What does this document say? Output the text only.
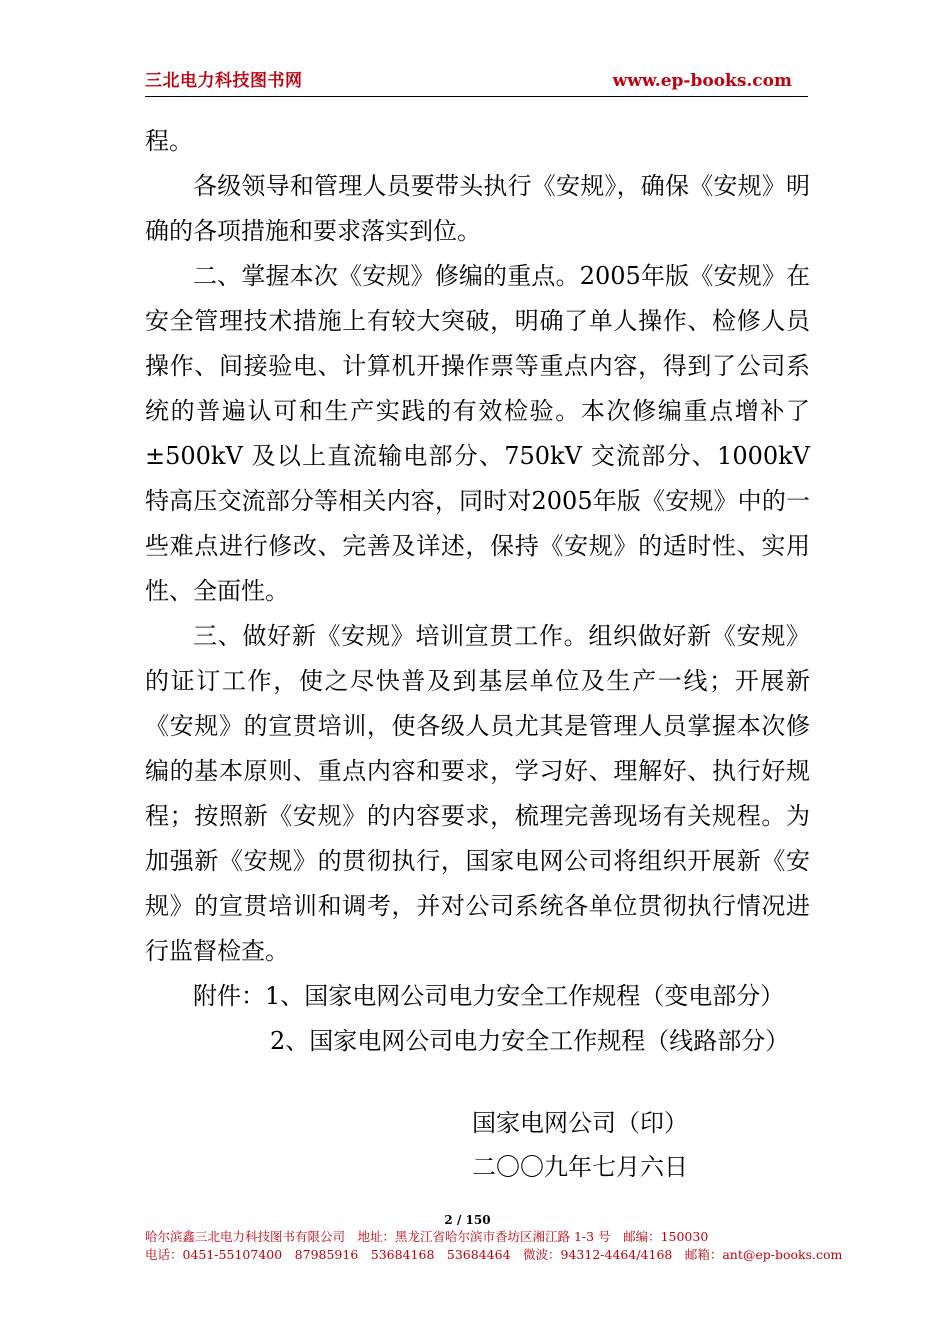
三北电力科技图书网	www.ep-books.com

程。

各级领导和管理人员要带头执行《安规》，确保《安规》明确的各项措施和要求落实到位。

二、掌握本次《安规》修编的重点。2005年版《安规》在安全管理技术措施上有较大突破，明确了单人操作、检修人员操作、间接验电、计算机开操作票等重点内容，得到了公司系统的普遍认可和生产实践的有效检验。本次修编重点增补了±500kV 及以上直流输电部分、750kV 交流部分、1000kV特高压交流部分等相关内容，同时对2005年版《安规》中的一些难点进行修改、完善及详述，保持《安规》的适时性、实用性、全面性。

三、做好新《安规》培训宣贯工作。组织做好新《安规》的证订工作，使之尽快普及到基层单位及生产一线；开展新《安规》的宣贯培训，使各级人员尤其是管理人员掌握本次修编的基本原则、重点内容和要求，学习好、理解好、执行好规程；按照新《安规》的内容要求，梳理完善现场有关规程。为加强新《安规》的贯彻执行，国家电网公司将组织开展新《安规》的宣贯培训和调考，并对公司系统各单位贯彻执行情况进行监督检查。

附件：1、国家电网公司电力安全工作规程（变电部分）

2、国家电网公司电力安全工作规程（线路部分）

国家电网公司（印）
二〇〇九年七月六日
2 / 150
哈尔滨鑫三北电力科技图书有限公司　地址：黑龙江省哈尔滨市香坊区湘江路 1-3 号　邮编：150030
电话：0451-55107400　87985916　53684168　53684464　微波：94312-4464/4168　邮箱：ant@ep-books.com
